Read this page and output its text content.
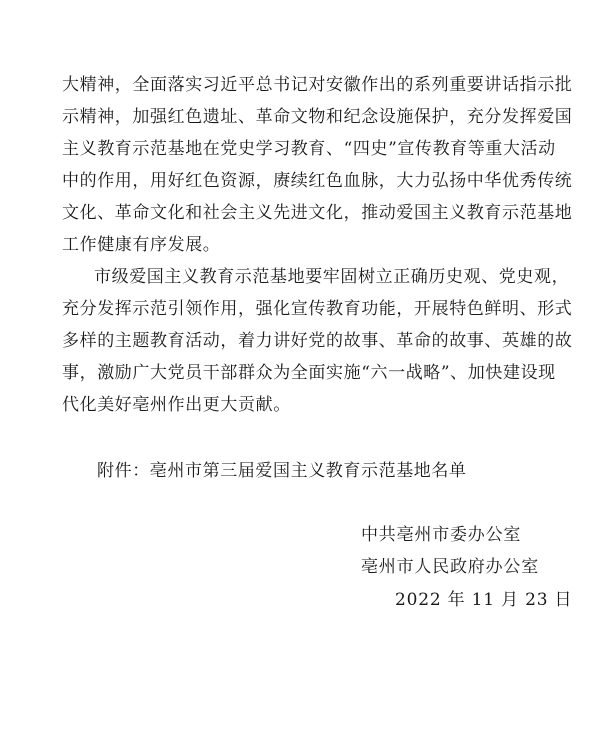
大精神，全面落实习近平总书记对安徽作出的系列重要讲话指示批
示精神，加强红色遗址、革命文物和纪念设施保护，充分发挥爱国
主义教育示范基地在党史学习教育、“四史”宣传教育等重大活动
中的作用，用好红色资源，赓续红色血脉，大力弘扬中华优秀传统
文化、革命文化和社会主义先进文化，推动爱国主义教育示范基地
工作健康有序发展。
市级爱国主义教育示范基地要牢固树立正确历史观、党史观，
充分发挥示范引领作用，强化宣传教育功能，开展特色鲜明、形式
多样的主题教育活动，着力讲好党的故事、革命的故事、英雄的故
事，激励广大党员干部群众为全面实施“六一战略”、加快建设现
代化美好亳州作出更大贡献。
附件：亳州市第三届爱国主义教育示范基地名单
中共亳州市委办公室
亳州市人民政府办公室
2022 年 11 月 23 日
